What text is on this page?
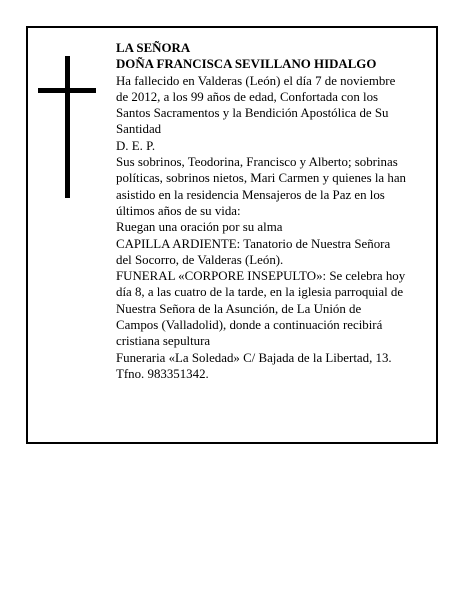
LA SEÑORA
DOÑA FRANCISCA SEVILLANO HIDALGO
Ha fallecido en Valderas (León) el día 7 de noviembre
de 2012, a los 99 años de edad, Confortada con los
Santos Sacramentos y la Bendición Apostólica de Su
Santidad
D. E. P.
Sus sobrinos, Teodorina, Francisco y Alberto; sobrinas
políticas, sobrinos nietos, Mari Carmen y quienes la han
asistido en la residencia Mensajeros de la Paz en los
últimos años de su vida:
Ruegan una oración por su alma
CAPILLA ARDIENTE: Tanatorio de Nuestra Señora
del Socorro, de Valderas (León).
FUNERAL «CORPORE INSEPULTO»: Se celebra hoy
día 8, a las cuatro de la tarde, en la iglesia parroquial de
Nuestra Señora de la Asunción, de La Unión de
Campos (Valladolid), donde a continuación recibirá
cristiana sepultura
Funeraria «La Soledad» C/ Bajada de la Libertad, 13.
Tfno. 983351342.
